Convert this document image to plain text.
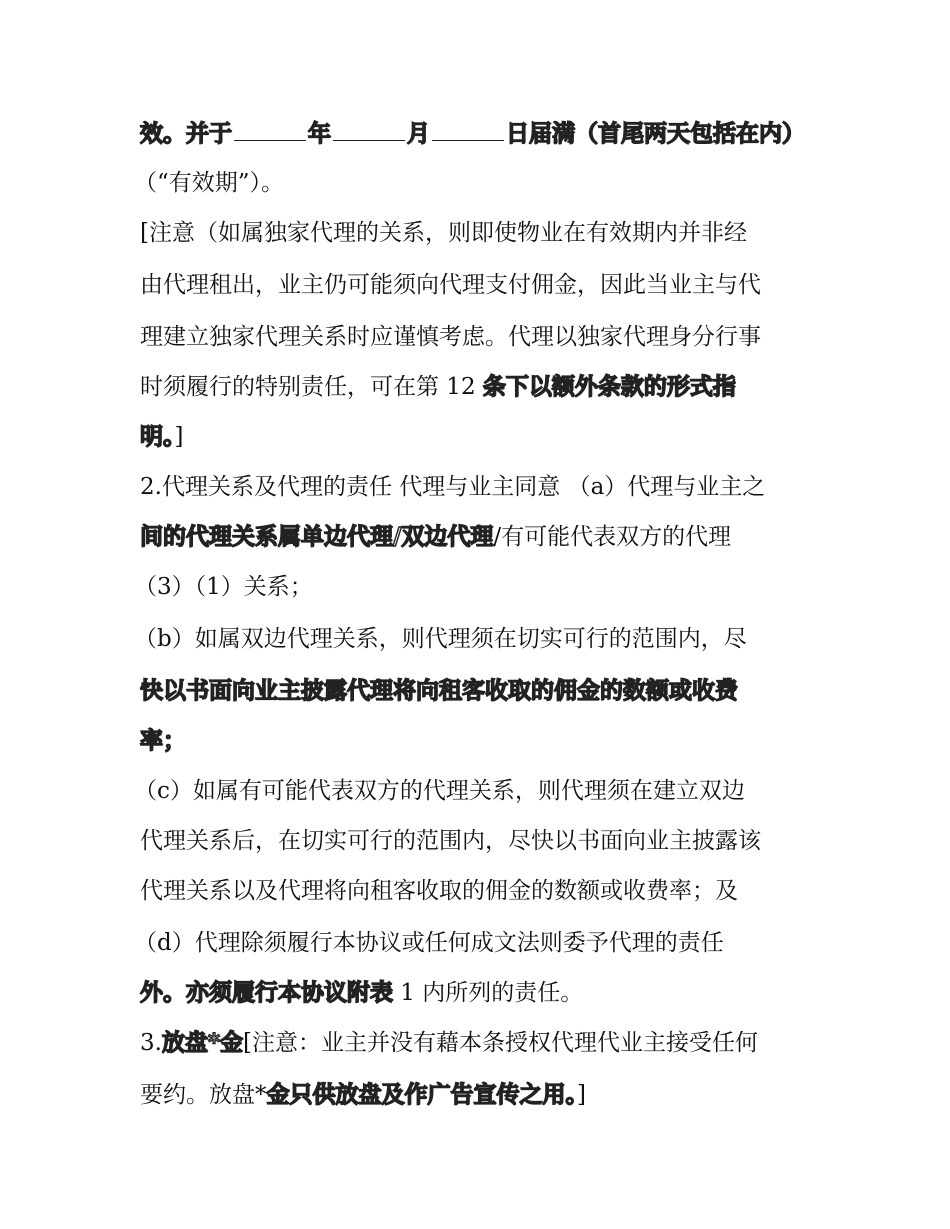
效。并于	年	月	日届满（首尾两天包括在内）
（“有效期”）。
[注意（如属独家代理的关系，则即使物业在有效期内并非经
由代理租出，业主仍可能须向代理支付佣金，因此当业主与代
理建立独家代理关系时应谨慎考虑。代理以独家代理身分行事
时须履行的特别责任，可在第 12 条下以额外条款的形式指
明。]
2.代理关系及代理的责任 代理与业主同意 （a）代理与业主之
间的代理关系属单边代理/双边代理/有可能代表双方的代理
（3）（1）关系；
（b）如属双边代理关系，则代理须在切实可行的范围内，尽
快以书面向业主披露代理将向租客收取的佣金的数额或收费
率；
（c）如属有可能代表双方的代理关系，则代理须在建立双边
代理关系后，在切实可行的范围内，尽快以书面向业主披露该
代理关系以及代理将向租客收取的佣金的数额或收费率；及
（d）代理除须履行本协议或任何成文法则委予代理的责任
外。亦须履行本协议附表 1 内所列的责任。
3.放盘*金[注意：业主并没有藉本条授权代理代业主接受任何
要约。放盘*金只供放盘及作广告宣传之用。]
